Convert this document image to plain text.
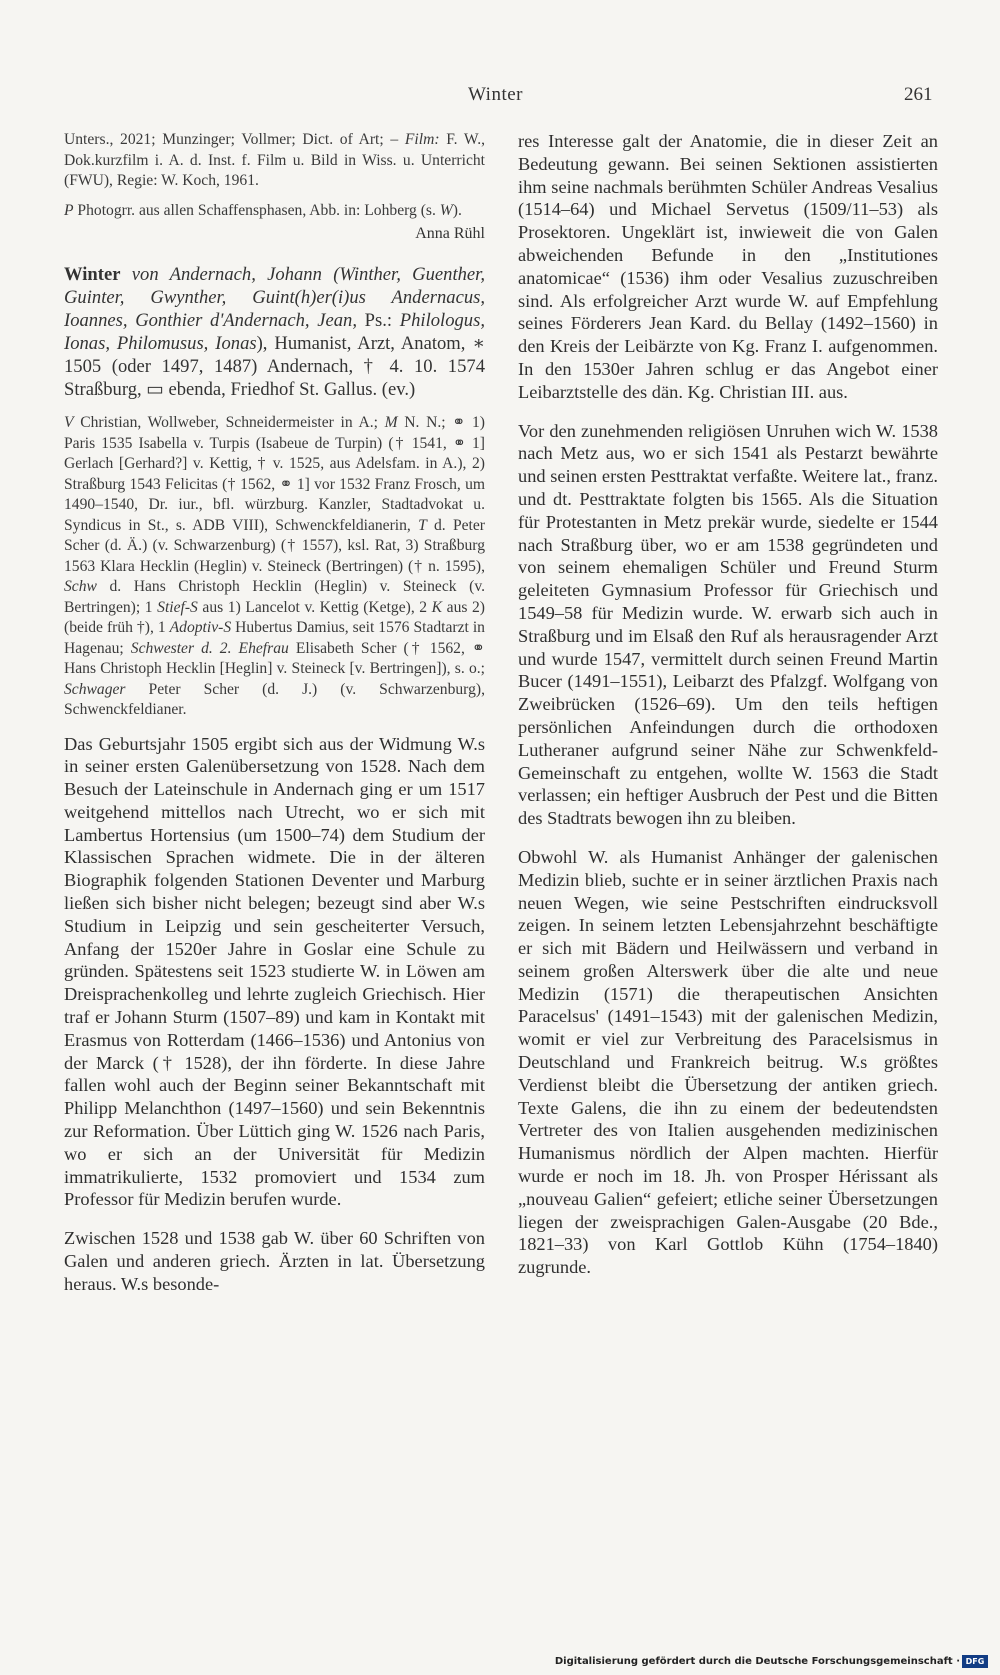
Winter	261

Unters., 2021; Munzinger; Vollmer; Dict. of Art; – Film: F. W., Dok.kurzfilm i. A. d. Inst. f. Film u. Bild in Wiss. u. Unterricht (FWU), Regie: W. Koch, 1961.

P Photogrr. aus allen Schaffensphasen, Abb. in: Lohberg (s. W).

Anna Rühl

Winter von Andernach, Johann (Winther, Guenther, Guinter, Gwynther, Guint(h)er(i)us Andernacus, Ioannes, Gonthier d'Andernach, Jean, Ps.: Philologus, Ionas, Philomusus, Ionas), Humanist, Arzt, Anatom, ∗ 1505 (oder 1497, 1487) Andernach, † 4. 10. 1574 Straßburg, ▭ ebenda, Friedhof St. Gallus. (ev.)

V Christian, Wollweber, Schneidermeister in A.; M N. N.; ⚭ 1) Paris 1535 Isabella v. Turpis (Isabeue de Turpin) († 1541, ⚭ 1] Gerlach [Gerhard?] v. Kettig, † v. 1525, aus Adelsfam. in A.), 2) Straßburg 1543 Felicitas († 1562, ⚭ 1] vor 1532 Franz Frosch, um 1490–1540, Dr. iur., bfl. würzburg. Kanzler, Stadtadvokat u. Syndicus in St., s. ADB VIII), Schwenckfeldianerin, T d. Peter Scher (d. Ä.) (v. Schwarzenburg) († 1557), ksl. Rat, 3) Straßburg 1563 Klara Hecklin (Heglin) v. Steineck (Bertringen) († n. 1595), Schw d. Hans Christoph Hecklin (Heglin) v. Steineck (v. Bertringen); 1 Stief-S aus 1) Lancelot v. Kettig (Ketge), 2 K aus 2) (beide früh †), 1 Adoptiv-S Hubertus Damius, seit 1576 Stadtarzt in Hagenau; Schwester d. 2. Ehefrau Elisabeth Scher († 1562, ⚭ Hans Christoph Hecklin [Heglin] v. Steineck [v. Bertringen]), s. o.; Schwager Peter Scher (d. J.) (v. Schwarzenburg), Schwenckfeldianer.

Das Geburtsjahr 1505 ergibt sich aus der Widmung W.s in seiner ersten Galenübersetzung von 1528. Nach dem Besuch der Lateinschule in Andernach ging er um 1517 weitgehend mittellos nach Utrecht, wo er sich mit Lambertus Hortensius (um 1500–74) dem Studium der Klassischen Sprachen widmete. Die in der älteren Biographik folgenden Stationen Deventer und Marburg ließen sich bisher nicht belegen; bezeugt sind aber W.s Studium in Leipzig und sein gescheiterter Versuch, Anfang der 1520er Jahre in Goslar eine Schule zu gründen. Spätestens seit 1523 studierte W. in Löwen am Dreisprachenkolleg und lehrte zugleich Griechisch. Hier traf er Johann Sturm (1507–89) und kam in Kontakt mit Erasmus von Rotterdam (1466–1536) und Antonius von der Marck († 1528), der ihn förderte. In diese Jahre fallen wohl auch der Beginn seiner Bekanntschaft mit Philipp Melanchthon (1497–1560) und sein Bekenntnis zur Reformation. Über Lüttich ging W. 1526 nach Paris, wo er sich an der Universität für Medizin immatrikulierte, 1532 promoviert und 1534 zum Professor für Medizin berufen wurde.

Zwischen 1528 und 1538 gab W. über 60 Schriften von Galen und anderen griech. Ärzten in lat. Übersetzung heraus. W.s besonde-

res Interesse galt der Anatomie, die in dieser Zeit an Bedeutung gewann. Bei seinen Sektionen assistierten ihm seine nachmals berühmten Schüler Andreas Vesalius (1514–64) und Michael Servetus (1509/11–53) als Prosektoren. Ungeklärt ist, inwieweit die von Galen abweichenden Befunde in den „Institutiones anatomicae“ (1536) ihm oder Vesalius zuzuschreiben sind. Als erfolgreicher Arzt wurde W. auf Empfehlung seines Förderers Jean Kard. du Bellay (1492–1560) in den Kreis der Leibärzte von Kg. Franz I. aufgenommen. In den 1530er Jahren schlug er das Angebot einer Leibarztstelle des dän. Kg. Christian III. aus.

Vor den zunehmenden religiösen Unruhen wich W. 1538 nach Metz aus, wo er sich 1541 als Pestarzt bewährte und seinen ersten Pesttraktat verfaßte. Weitere lat., franz. und dt. Pesttraktate folgten bis 1565. Als die Situation für Protestanten in Metz prekär wurde, siedelte er 1544 nach Straßburg über, wo er am 1538 gegründeten und von seinem ehemaligen Schüler und Freund Sturm geleiteten Gymnasium Professor für Griechisch und 1549–58 für Medizin wurde. W. erwarb sich auch in Straßburg und im Elsaß den Ruf als herausragender Arzt und wurde 1547, vermittelt durch seinen Freund Martin Bucer (1491–1551), Leibarzt des Pfalzgf. Wolfgang von Zweibrücken (1526–69). Um den teils heftigen persönlichen Anfeindungen durch die orthodoxen Lutheraner aufgrund seiner Nähe zur Schwenkfeld-Gemeinschaft zu entgehen, wollte W. 1563 die Stadt verlassen; ein heftiger Ausbruch der Pest und die Bitten des Stadtrats bewogen ihn zu bleiben.

Obwohl W. als Humanist Anhänger der galenischen Medizin blieb, suchte er in seiner ärztlichen Praxis nach neuen Wegen, wie seine Pestschriften eindrucksvoll zeigen. In seinem letzten Lebensjahrzehnt beschäftigte er sich mit Bädern und Heilwässern und verband in seinem großen Alterswerk über die alte und neue Medizin (1571) die therapeutischen Ansichten Paracelsus' (1491–1543) mit der galenischen Medizin, womit er viel zur Verbreitung des Paracelsismus in Deutschland und Frankreich beitrug. W.s größtes Verdienst bleibt die Übersetzung der antiken griech. Texte Galens, die ihn zu einem der bedeutendsten Vertreter des von Italien ausgehenden medizinischen Humanismus nördlich der Alpen machten. Hierfür wurde er noch im 18. Jh. von Prosper Hérissant als „nouveau Galien“ gefeiert; etliche seiner Übersetzungen liegen der zweisprachigen Galen-Ausgabe (20 Bde., 1821–33) von Karl Gottlob Kühn (1754–1840) zugrunde.

Digitalisierung gefördert durch die Deutsche Forschungsgemeinschaft · DFG
